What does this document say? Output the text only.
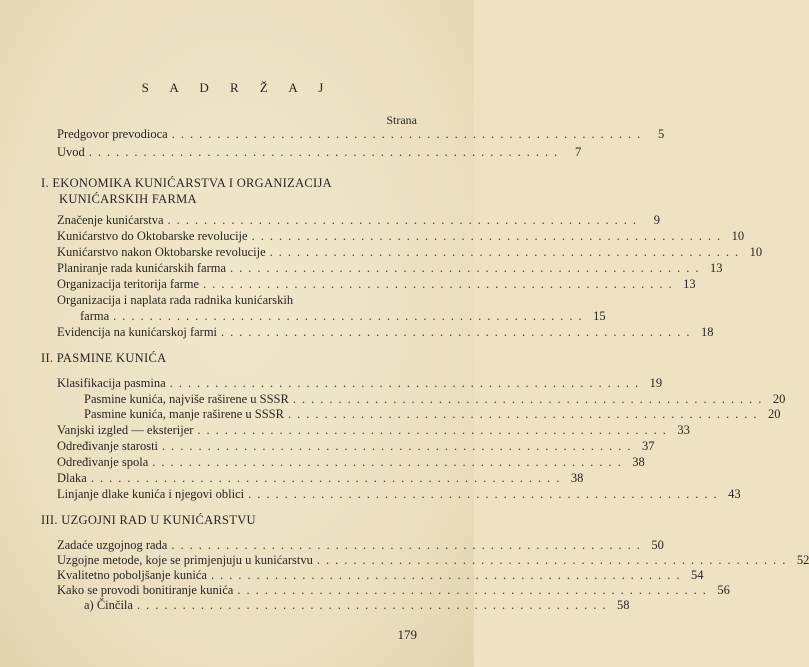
S A D R Ž A J
Strana
Predgovor prevodioca .................................................... 5
Uvod .................................................... 7
I. EKONOMIKA KUNIĆARSTVA I ORGANIZACIJA
KUNIĆARSKIH FARMA
Značenje kunićarstva .................................................... 9
Kunićarstvo do Oktobarske revolucije .................................................... 10
Kunićarstvo nakon Oktobarske revolucije .................................................... 10
Planiranje rada kunićarskih farma .................................................... 13
Organizacija teritorija farme .................................................... 13
Organizacija i naplata rada radnika kunićarskih
farma .................................................... 15
Evidencija na kunićarskoj farmi .................................................... 18
II. PASMINE KUNIĆA
Klasifikacija pasmina .................................................... 19
Pasmine kunića, najviše raširene u SSSR .................................................... 20
Pasmine kunića, manje raširene u SSSR .................................................... 20
Vanjski izgled — eksterijer .................................................... 33
Određivanje starosti .................................................... 37
Određivanje spola .................................................... 38
Dlaka .................................................... 38
Linjanje dlake kunića i njegovi oblici .................................................... 43
III. UZGOJNI RAD U KUNIĆARSTVU
Zadaće uzgojnog rada .................................................... 50
Uzgojne metode, koje se primjenjuju u kunićarstvu .................................................... 52
Kvalitetno poboljšanje kunića .................................................... 54
Kako se provodi bonitiranje kunića .................................................... 56
a) Činčila .................................................... 58
179
